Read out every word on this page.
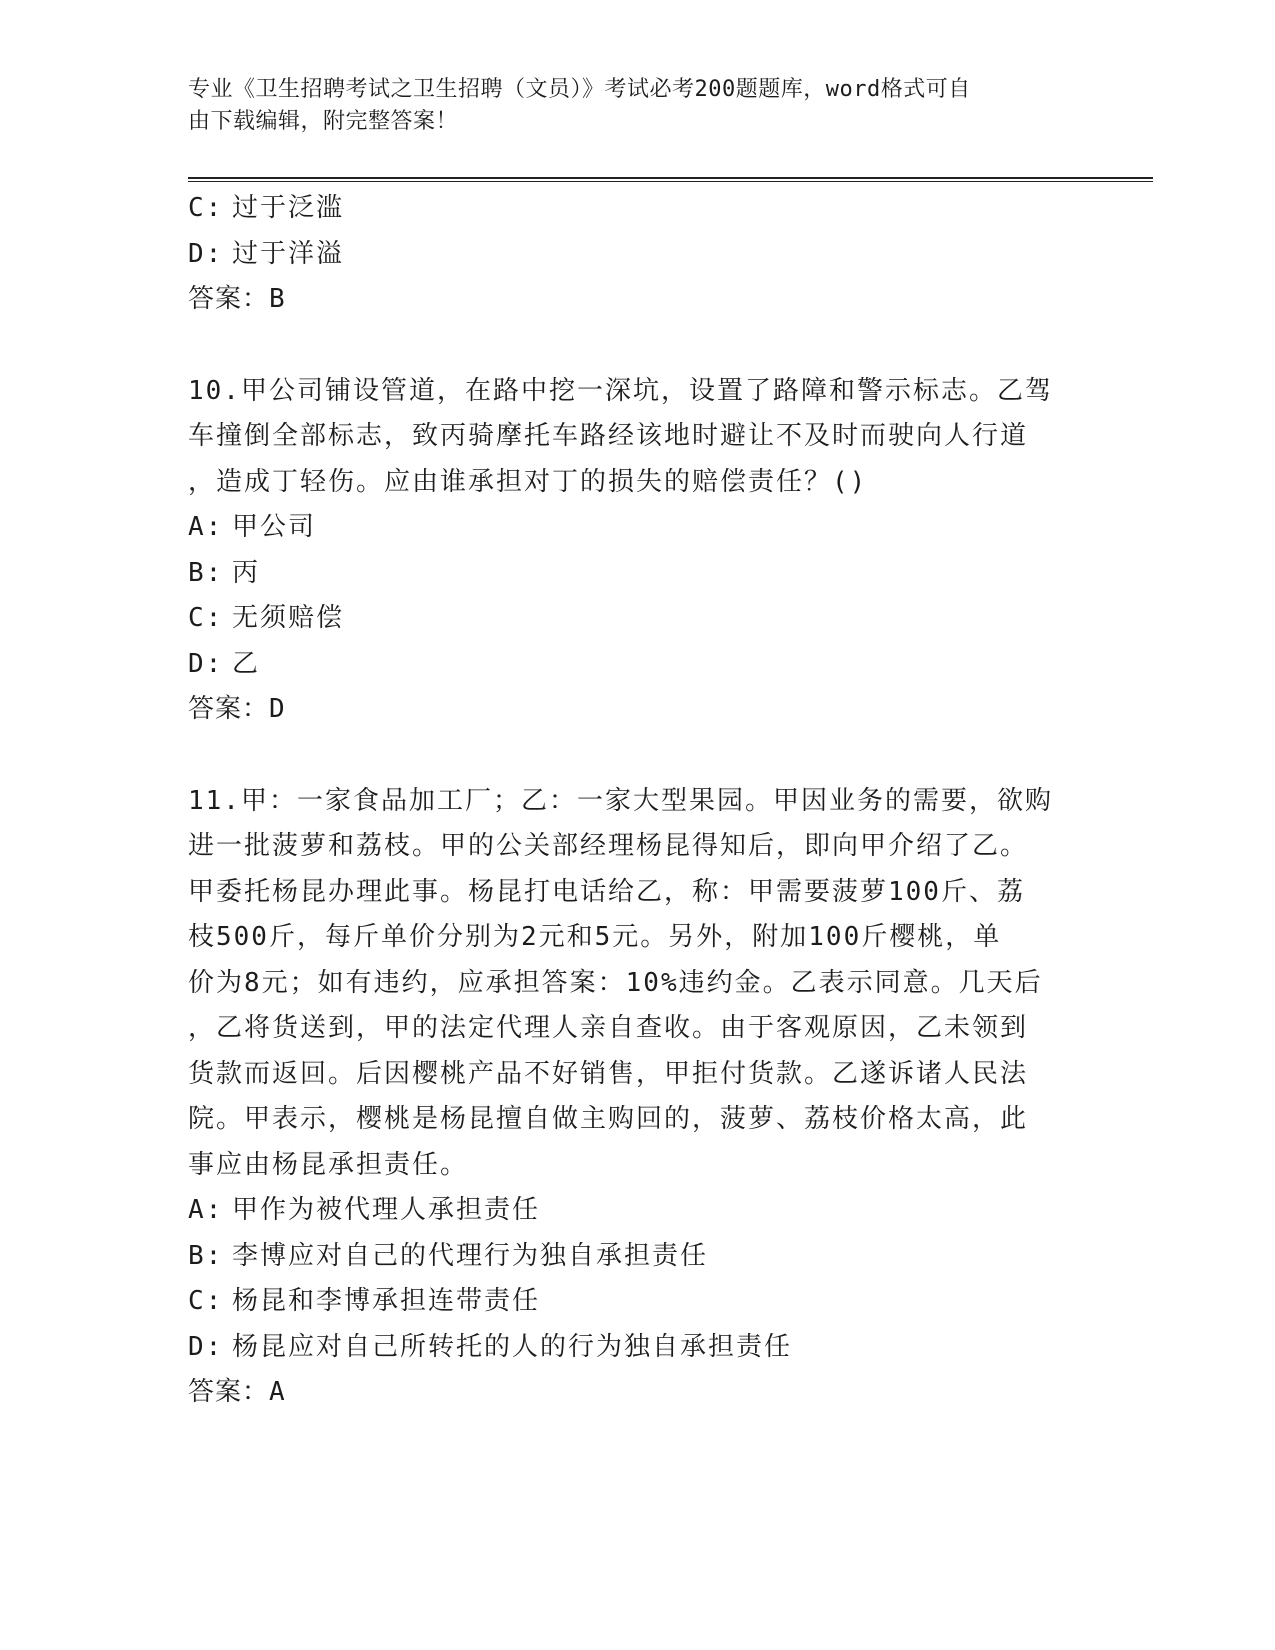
专业《卫生招聘考试之卫生招聘（文员）》考试必考200题题库，word格式可自
由下载编辑，附完整答案！
C: 过于泛滥
D: 过于洋溢
答案：B
10.甲公司铺设管道，在路中挖一深坑，设置了路障和警示标志。乙驾
车撞倒全部标志，致丙骑摩托车路经该地时避让不及时而驶向人行道
，造成丁轻伤。应由谁承担对丁的损失的赔偿责任？()
A: 甲公司
B: 丙
C: 无须赔偿
D: 乙
答案：D
11.甲：一家食品加工厂；乙：一家大型果园。甲因业务的需要，欲购
进一批菠萝和荔枝。甲的公关部经理杨昆得知后，即向甲介绍了乙。
甲委托杨昆办理此事。杨昆打电话给乙，称：甲需要菠萝100斤、荔
枝500斤，每斤单价分别为2元和5元。另外，附加100斤樱桃，单
价为8元；如有违约，应承担答案：10%违约金。乙表示同意。几天后
，乙将货送到，甲的法定代理人亲自查收。由于客观原因，乙未领到
货款而返回。后因樱桃产品不好销售，甲拒付货款。乙遂诉诸人民法
院。甲表示，樱桃是杨昆擅自做主购回的，菠萝、荔枝价格太高，此
事应由杨昆承担责任。
A: 甲作为被代理人承担责任
B: 李博应对自己的代理行为独自承担责任
C: 杨昆和李博承担连带责任
D: 杨昆应对自己所转托的人的行为独自承担责任
答案：A
